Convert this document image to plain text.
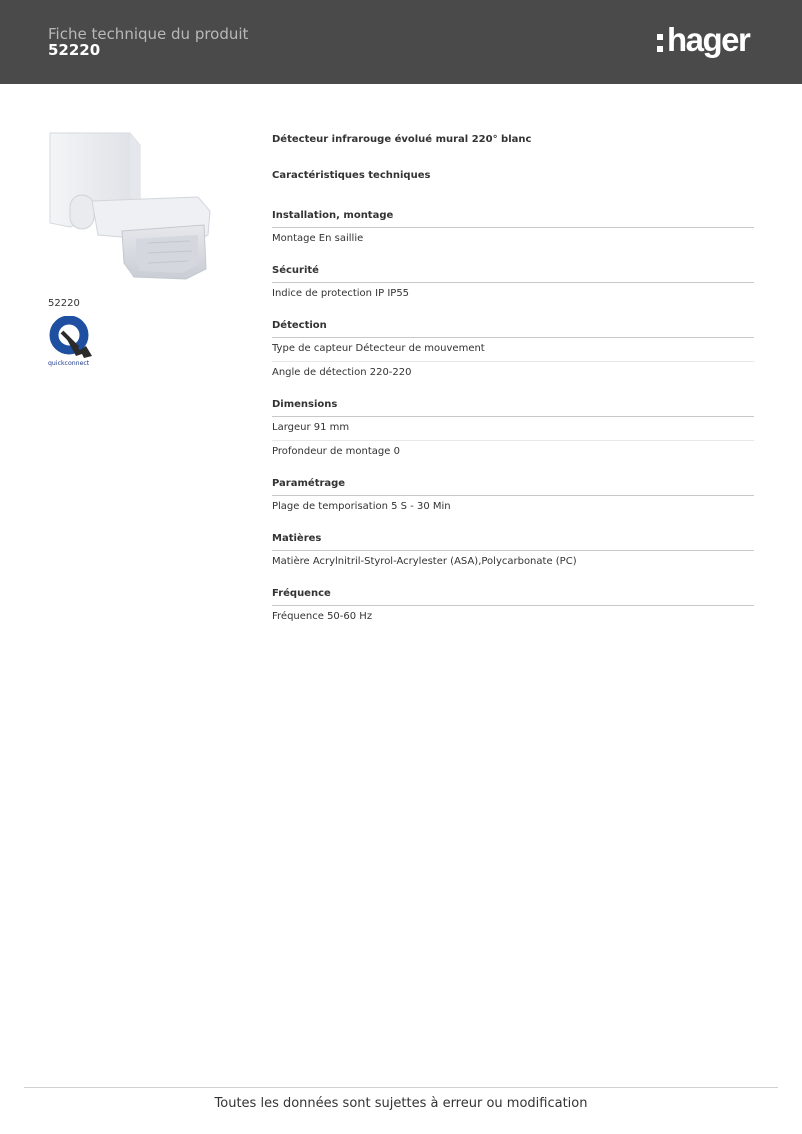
Fiche technique du produit
52220	hager
52220
quickconnect
Détecteur infrarouge évolué mural 220° blanc
Caractéristiques techniques
Installation, montage
Montage En saillie
Sécurité
Indice de protection IP IP55
Détection
Type de capteur Détecteur de mouvement
Angle de détection 220-220
Dimensions
Largeur 91 mm
Profondeur de montage 0
Paramétrage
Plage de temporisation 5 S - 30 Min
Matières
Matière Acrylnitril-Styrol-Acrylester (ASA),Polycarbonate (PC)
Fréquence
Fréquence 50-60 Hz
Toutes les données sont sujettes à erreur ou modification
